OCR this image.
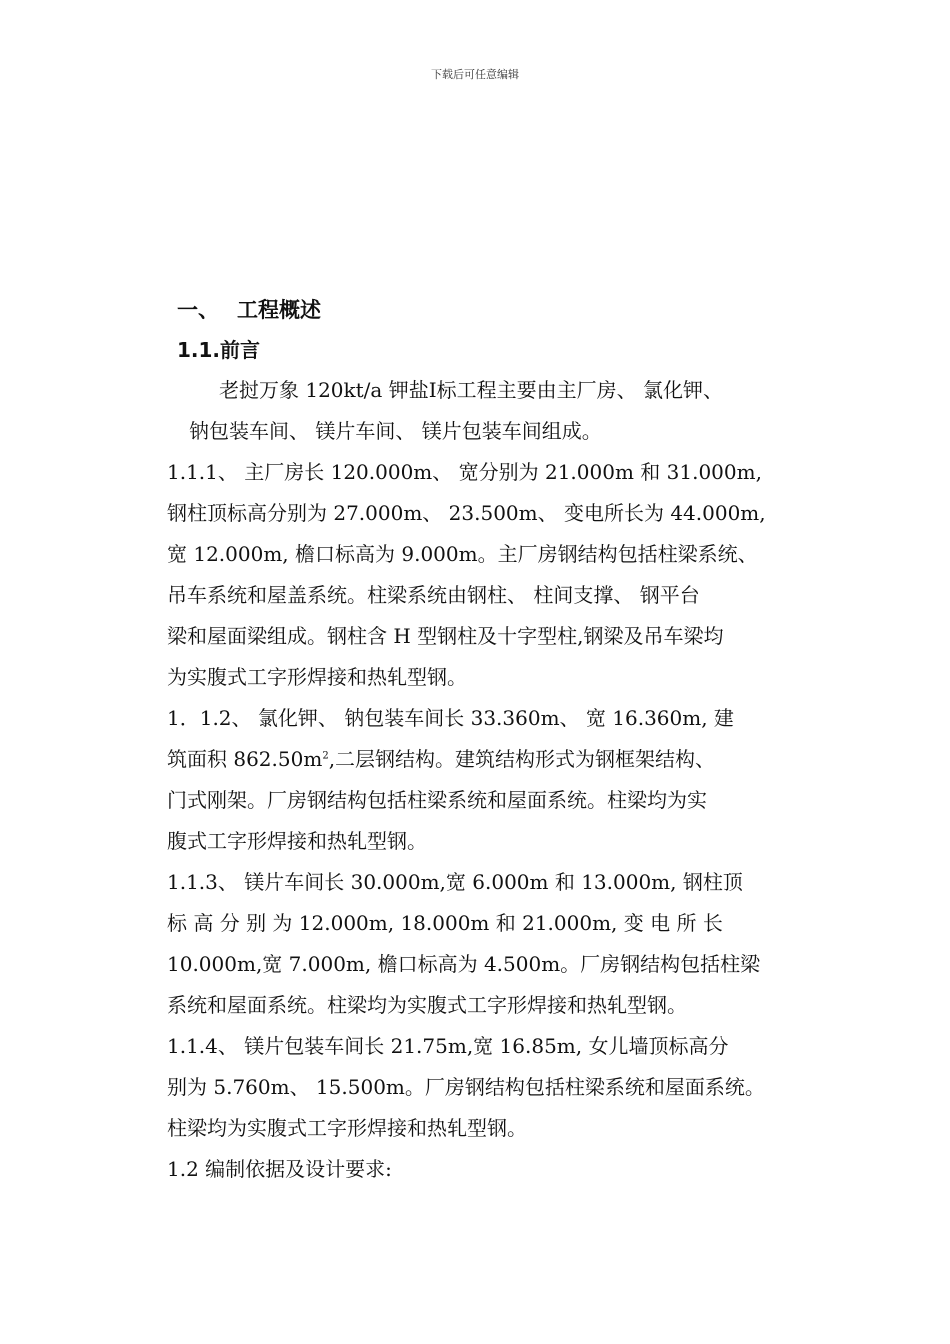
下载后可任意编辑
一、 工程概述
1.1.前言
老挝万象 120kt/a 钾盐Ⅰ标工程主要由主厂房、 氯化钾、
钠包装车间、 镁片车间、 镁片包装车间组成。
1.1.1、 主厂房长 120.000m、 宽分别为 21.000m 和 31.000m,
钢柱顶标高分别为 27.000m、 23.500m、 变电所长为 44.000m,
宽 12.000m, 檐口标高为 9.000m。主厂房钢结构包括柱梁系统、
吊车系统和屋盖系统。柱梁系统由钢柱、 柱间支撑、 钢平台
梁和屋面梁组成。钢柱含 H 型钢柱及十字型柱,钢梁及吊车梁均
为实腹式工字形焊接和热轧型钢。
1．1.2、 氯化钾、 钠包装车间长 33.360m、 宽 16.360m, 建
筑面积 $862.50m^2$,二层钢结构。建筑结构形式为钢框架结构、
门式刚架。厂房钢结构包括柱梁系统和屋面系统。柱梁均为实
腹式工字形焊接和热轧型钢。
1.1.3、 镁片车间长 30.000m,宽 6.000m 和 13.000m, 钢柱顶
标 高 分 别 为 12.000m, 18.000m 和 21.000m, 变 电 所 长
10.000m,宽 7.000m, 檐口标高为 4.500m。厂房钢结构包括柱梁
系统和屋面系统。柱梁均为实腹式工字形焊接和热轧型钢。
1.1.4、 镁片包装车间长 21.75m,宽 16.85m, 女儿墙顶标高分
别为 5.760m、 15.500m。厂房钢结构包括柱梁系统和屋面系统。
柱梁均为实腹式工字形焊接和热轧型钢。
1.2 编制依据及设计要求:
